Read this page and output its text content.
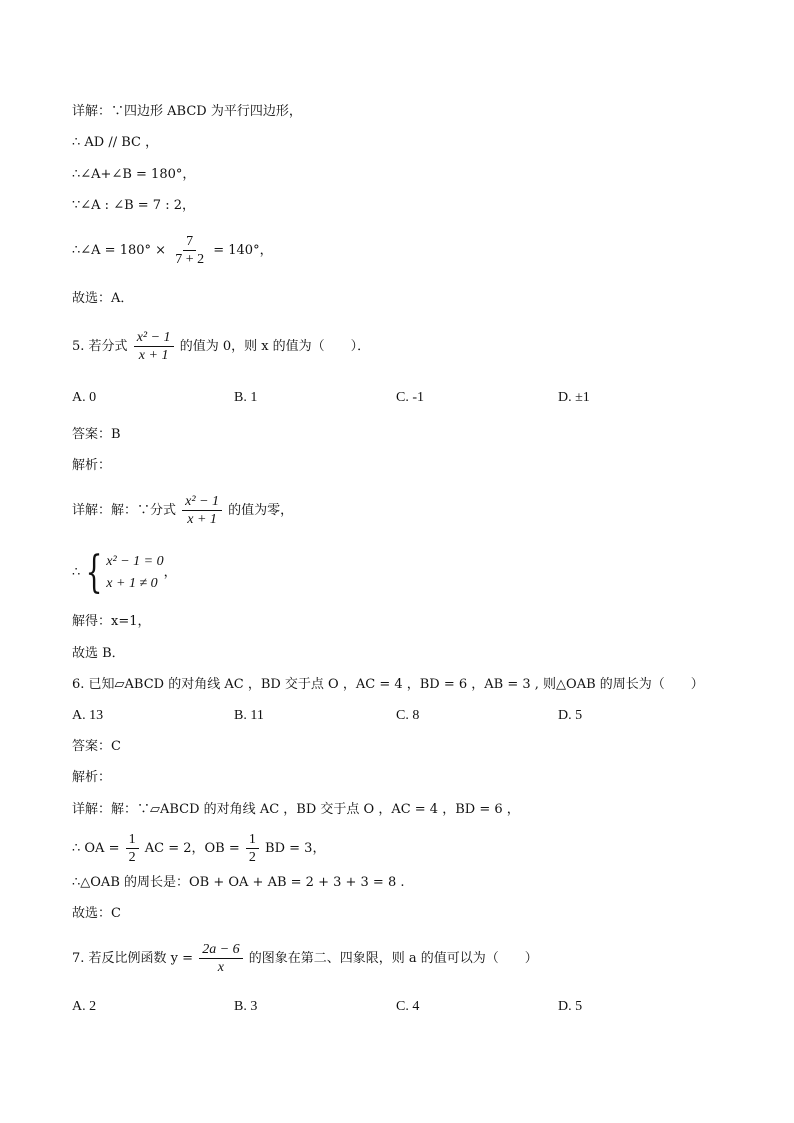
详解：∵四边形 ABCD 为平行四边形，
∴ AD // BC ，
∴∠A+∠B = 180°，
∵∠A : ∠B = 7 : 2，
∴∠A = $180^\circ \times \frac{7}{7 + 2} = 140^\circ$，
故选：A．
5. 若分式 $\frac{\text{x² − 1}}{x + 1}$ 的值为 0，则 x 的值为（　　）．
A. 0	B. 1	C. -1	D. ±1
答案：B
解析：
详解：解：∵分式 $\frac{\text{x² − 1}}{x + 1}$ 的值为零，
∴ { x² − 1 = 0
x + 1 ≠ 0
，
解得：x=1，
故选 B．
6. 已知▱ABCD 的对角线 AC ，BD 交于点 O ，AC = 4 ，BD = 6 ，AB = 3 , 则△OAB 的周长为（　　）
A. 13	B. 11	C. 8	D. 5
答案：C
解析：
详解：解：∵▱ABCD 的对角线 AC ，BD 交于点 O ，AC = 4 ，BD = 6 ，
∴ OA = $\frac{1}{2}$ AC = 2，OB = $\frac{1}{2}$ BD = 3，
∴△OAB 的周长是：OB + OA + AB = 2 + 3 + 3 = 8 .
故选：C
7. 若反比例函数 $y = \frac{2a - 6}{x}$ 的图象在第二、四象限，则 a 的值可以为（　　）
A. 2	B. 3	C. 4	D. 5
